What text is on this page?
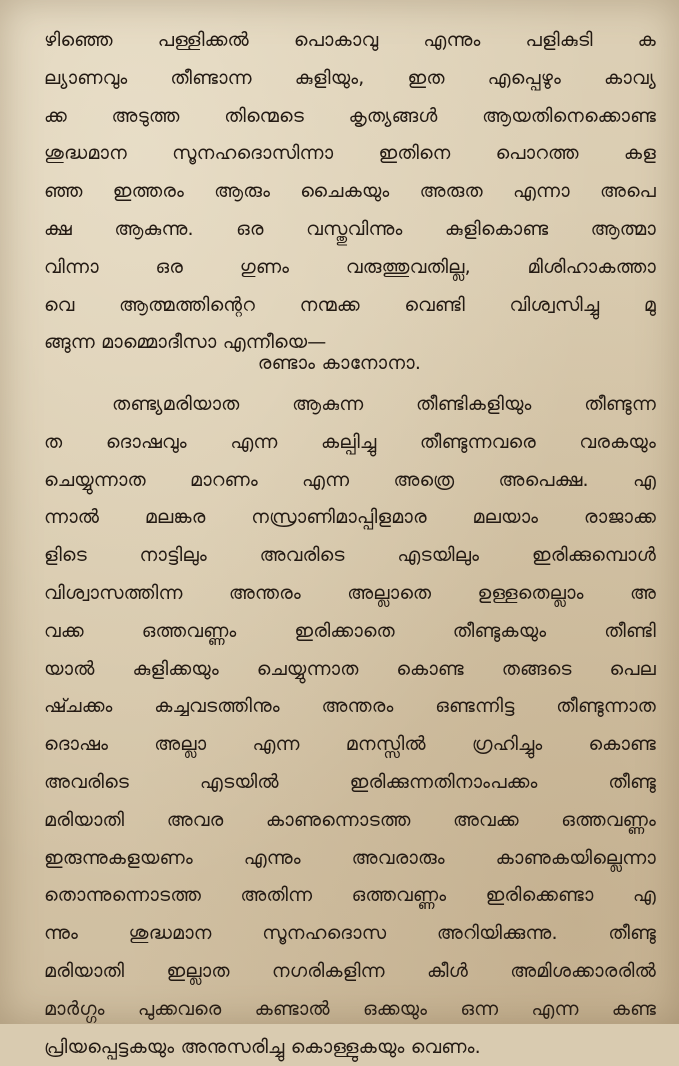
ഴിഞ്ഞെ പള്ളിക്കൽ പൊകാവു എന്നും പളികുടി ക
ല്യാണവും തീണ്ടാന്ന കുളിയും, ഇത എപ്പെഴും കാവ്യ
ക്ക അടുത്ത തിന്മെടെ കൃത്യങ്ങൾ ആയതിനെക്കൊണ്ട
ശുദ്ധമാന സൂനഹദൊസിന്നാ ഇതിനെ പൊറത്ത കള
ഞ്ഞ ഇത്തരം ആരും ചൈകയും അരുത എന്നാ അപെ
ക്ഷ ആകുന്നു. ഒര വസ്തുവിന്നും കുളികൊണ്ട ആത്മാ
വിന്നാ ഒര ഗുണം വരുത്തുവതില്ല, മിശിഹാകത്താ
വെ ആത്മത്തിന്റെറ നന്മക്ക വെണ്ടി വിശ്വസിച്ചു മു
ങ്ങുന്ന മാമ്മൊദീസാ എന്നീയെ—
രണ്ടാം കാനോനാ.
തണ്ട്യമരിയാത ആകുന്ന തീണ്ടികളിയും തീണ്ടുന്ന
ത ദൊഷവും എന്ന കല്പിച്ചു തീണ്ടുന്നവരെ വരകയും
ചെയ്യുന്നാത മാറണം എന്ന അത്രെ അപെക്ഷ. എ
ന്നാൽ മലങ്കര നസ്രാണിമാപ്പിളമാര മലയാം രാജാക്ക
ളിടെ നാട്ടിലും അവരിടെ എടയിലും ഇരിക്കുമ്പൊൾ
വിശ്വാസത്തിന്ന അന്തരം അല്ലാതെ ഉള്ളതെല്ലാം അ
വക്ക ഒത്തവണ്ണം ഇരിക്കാതെ തീണ്ടുകയും തീണ്ടി
യാൽ കുളിക്കയും ചെയ്യുന്നാത കൊണ്ട തങ്ങടെ പെല
ഷ്ചക്കം കച്ചവടത്തിനും അന്തരം ഒണ്ടന്നിട്ട തീണ്ടുന്നാത
ദൊഷം അല്ലാ എന്ന മനസ്സിൽ ഗ്രഹിച്ചും കൊണ്ട
അവരിടെ എടയിൽ ഇരിക്കുന്നതിനാംപക്കം തീണ്ടു
മരിയാതി അവര കാണുന്നൊടത്ത അവക്ക ഒത്തവണ്ണം
ഇരുന്നുകളയണം എന്നും അവരാരും കാണുകയില്ലെന്നാ
തൊന്നുന്നൊടത്ത അതിന്ന ഒത്തവണ്ണം ഇരിക്കെണ്ടാ എ
ന്നും ശുദ്ധമാന സൂനഹദൊസ അറിയിക്കുന്നു. തീണ്ടു
മരിയാതി ഇല്ലാത നഗരികളിന്ന കീൾ അമിശക്കാരരിൽ
മാർഗ്ഗം പുക്കവരെ കണ്ടാൽ ഒക്കയും ഒന്ന എന്ന കണ്ട
പ്രിയപ്പെട്ടകയും അനുസരിച്ചു കൊള്ളുകയും വെണം.
